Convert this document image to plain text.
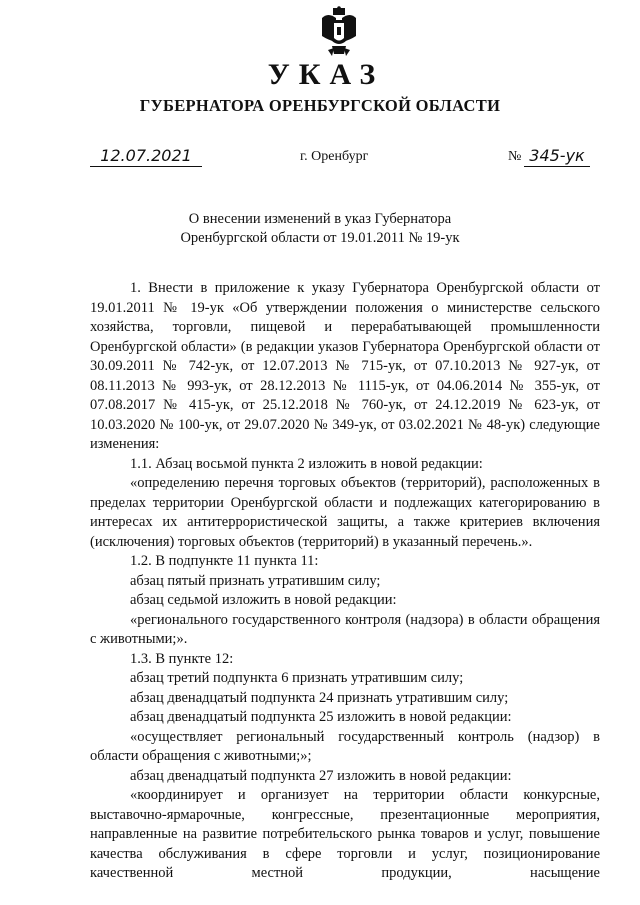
УКАЗ
ГУБЕРНАТОРА ОРЕНБУРГСКОЙ ОБЛАСТИ
12.07.2021	г. Оренбург	№ 345-ук
О внесении изменений в указ Губернатора
Оренбургской области от 19.01.2011 № 19-ук

1. Внести в приложение к указу Губернатора Оренбургской области от 19.01.2011 № 19-ук «Об утверждении положения о министерстве сельского хозяйства, торговли, пищевой и перерабатывающей промышленности Оренбургской области» (в редакции указов Губернатора Оренбургской области от 30.09.2011 № 742-ук, от 12.07.2013 № 715-ук, от 07.10.2013 № 927-ук, от 08.11.2013 № 993-ук, от 28.12.2013 № 1115-ук, от 04.06.2014 № 355-ук, от 07.08.2017 № 415-ук, от 25.12.2018 № 760-ук, от 24.12.2019 № 623-ук, от 10.03.2020 № 100-ук, от 29.07.2020 № 349-ук, от 03.02.2021 № 48-ук) следующие изменения:

1.1. Абзац восьмой пункта 2 изложить в новой редакции:

«определению перечня торговых объектов (территорий), расположенных в пределах территории Оренбургской области и подлежащих категорированию в интересах их антитеррористической защиты, а также критериев включения (исключения) торговых объектов (территорий) в указанный перечень.».

1.2. В подпункте 11 пункта 11:

абзац пятый признать утратившим силу;

абзац седьмой изложить в новой редакции:

«регионального государственного контроля (надзора) в области обращения с животными;».

1.3. В пункте 12:

абзац третий подпункта 6 признать утратившим силу;

абзац двенадцатый подпункта 24 признать утратившим силу;

абзац двенадцатый подпункта 25 изложить в новой редакции:

«осуществляет региональный государственный контроль (надзор) в области обращения с животными;»;

абзац двенадцатый подпункта 27 изложить в новой редакции:

«координирует и организует на территории области конкурсные, выставочно-ярмарочные, конгрессные, презентационные мероприятия, направленные на развитие потребительского рынка товаров и услуг, повышение качества обслуживания в сфере торговли и услуг, позиционирование качественной местной продукции, насыщение
